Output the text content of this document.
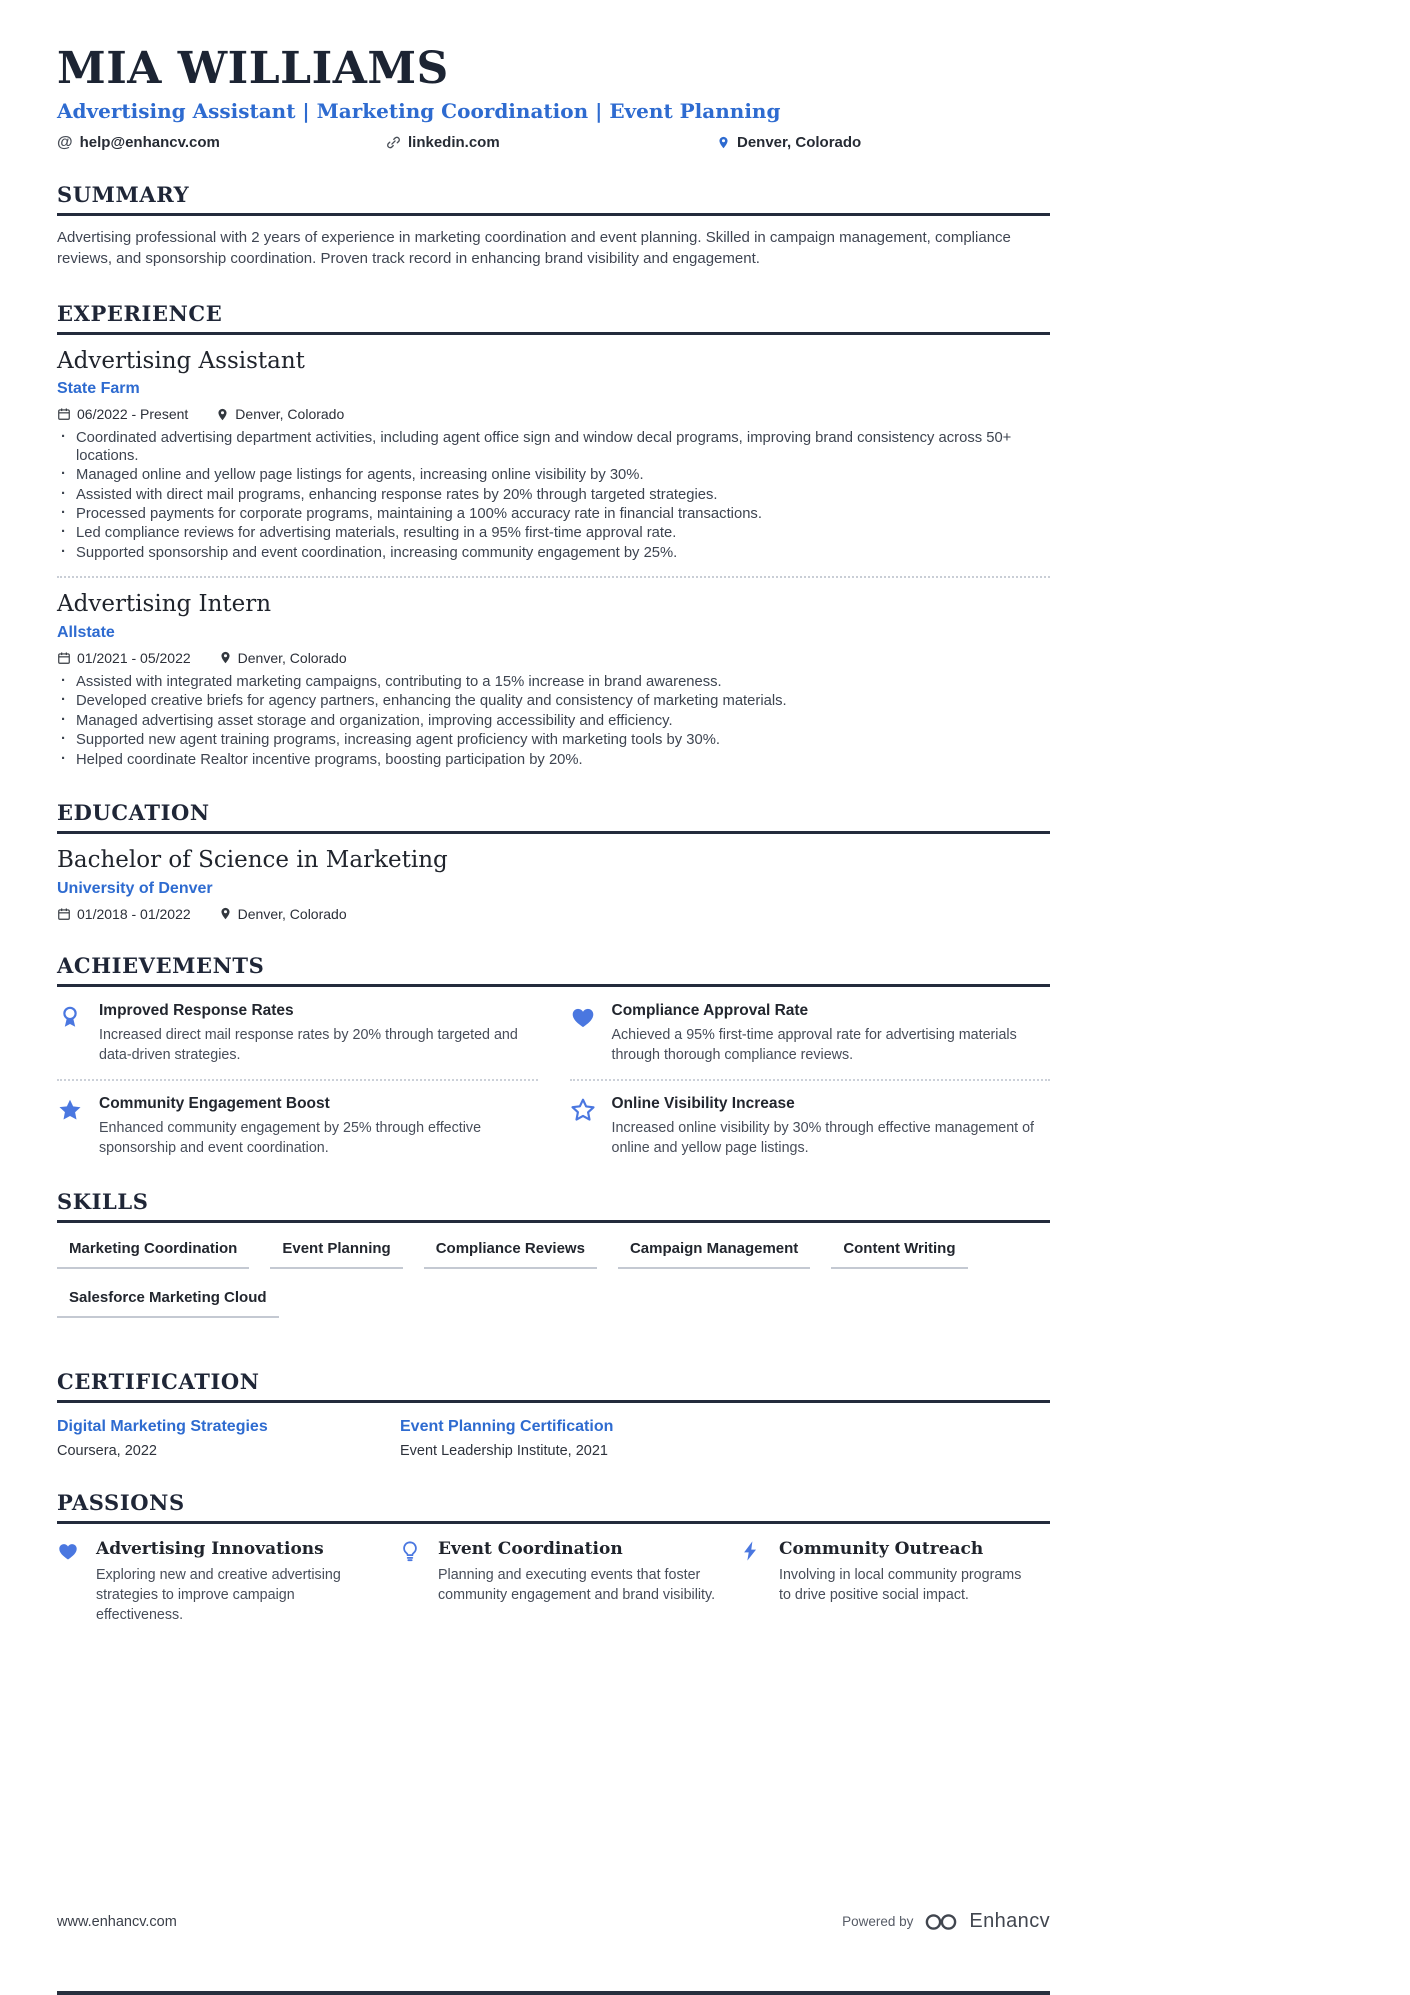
MIA WILLIAMS
Advertising Assistant | Marketing Coordination | Event Planning
@ help@enhancv.com	linkedin.com	Denver, Colorado
SUMMARY

Advertising professional with 2 years of experience in marketing coordination and event planning. Skilled in campaign management, compliance reviews, and sponsorship coordination. Proven track record in enhancing brand visibility and engagement.

EXPERIENCE
Advertising Assistant
State Farm
06/2022 - Present	Denver, Colorado
· Coordinated advertising department activities, including agent office sign and window decal programs, improving brand consistency across 50+ locations.
· Managed online and yellow page listings for agents, increasing online visibility by 30%.
· Assisted with direct mail programs, enhancing response rates by 20% through targeted strategies.
· Processed payments for corporate programs, maintaining a 100% accuracy rate in financial transactions.
· Led compliance reviews for advertising materials, resulting in a 95% first-time approval rate.
· Supported sponsorship and event coordination, increasing community engagement by 25%.
Advertising Intern
Allstate
01/2021 - 05/2022	Denver, Colorado
· Assisted with integrated marketing campaigns, contributing to a 15% increase in brand awareness.
· Developed creative briefs for agency partners, enhancing the quality and consistency of marketing materials.
· Managed advertising asset storage and organization, improving accessibility and efficiency.
· Supported new agent training programs, increasing agent proficiency with marketing tools by 30%.
· Helped coordinate Realtor incentive programs, boosting participation by 20%.
EDUCATION
Bachelor of Science in Marketing
University of Denver
01/2018 - 01/2022	Denver, Colorado
ACHIEVEMENTS

Improved Response Rates

Increased direct mail response rates by 20% through targeted and data-driven strategies.

Compliance Approval Rate

Achieved a 95% first-time approval rate for advertising materials through thorough compliance reviews.

Community Engagement Boost

Enhanced community engagement by 25% through effective sponsorship and event coordination.

Online Visibility Increase

Increased online visibility by 30% through effective management of online and yellow page listings.

SKILLS
Marketing Coordination	Event Planning	Compliance Reviews	Campaign Management	Content Writing
Salesforce Marketing Cloud
CERTIFICATION
Digital Marketing Strategies
Coursera, 2022
Event Planning Certification
Event Leadership Institute, 2021
PASSIONS

Advertising Innovations

Exploring new and creative advertising strategies to improve campaign effectiveness.

Event Coordination

Planning and executing events that foster community engagement and brand visibility.

Community Outreach

Involving in local community programs to drive positive social impact.

www.enhancv.com	Powered by	Enhancv
